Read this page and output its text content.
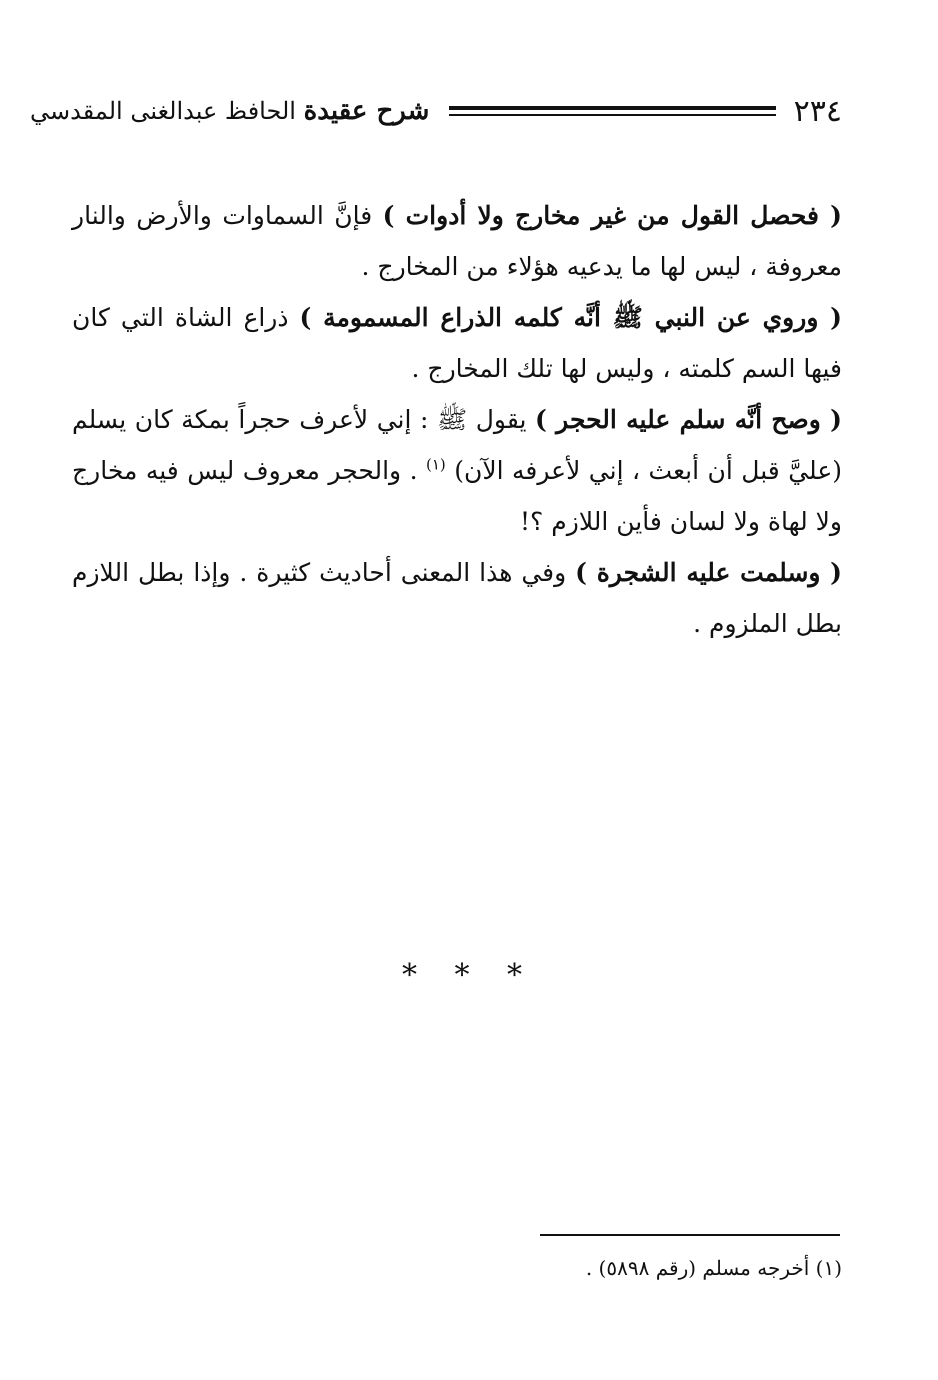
٢٣٤
شرح عقيدة الحافظ عبدالغنى المقدسي

( فحصل القول من غير مخارج ولا أدوات ) فإنَّ السماوات والأرض والنار معروفة ، ليس لها ما يدعيه هؤلاء من المخارج .

( وروي عن النبي ﷺ أنَّه كلمه الذراع المسمومة ) ذراع الشاة التي كان فيها السم كلمته ، وليس لها تلك المخارج .

( وصح أنَّه سلم عليه الحجر ) يقول ﷺ : إني لأعرف حجراً بمكة كان يسلم (عليَّ قبل أن أبعث ، إني لأعرفه الآن) $^{(١)}$ . والحجر معروف ليس فيه مخارج ولا لهاة ولا لسان فأين اللازم ؟!

( وسلمت عليه الشجرة ) وفي هذا المعنى أحاديث كثيرة . وإذا بطل اللازم بطل الملزوم .

* * *
(١) أخرجه مسلم (رقم ٥٨٩٨) .
